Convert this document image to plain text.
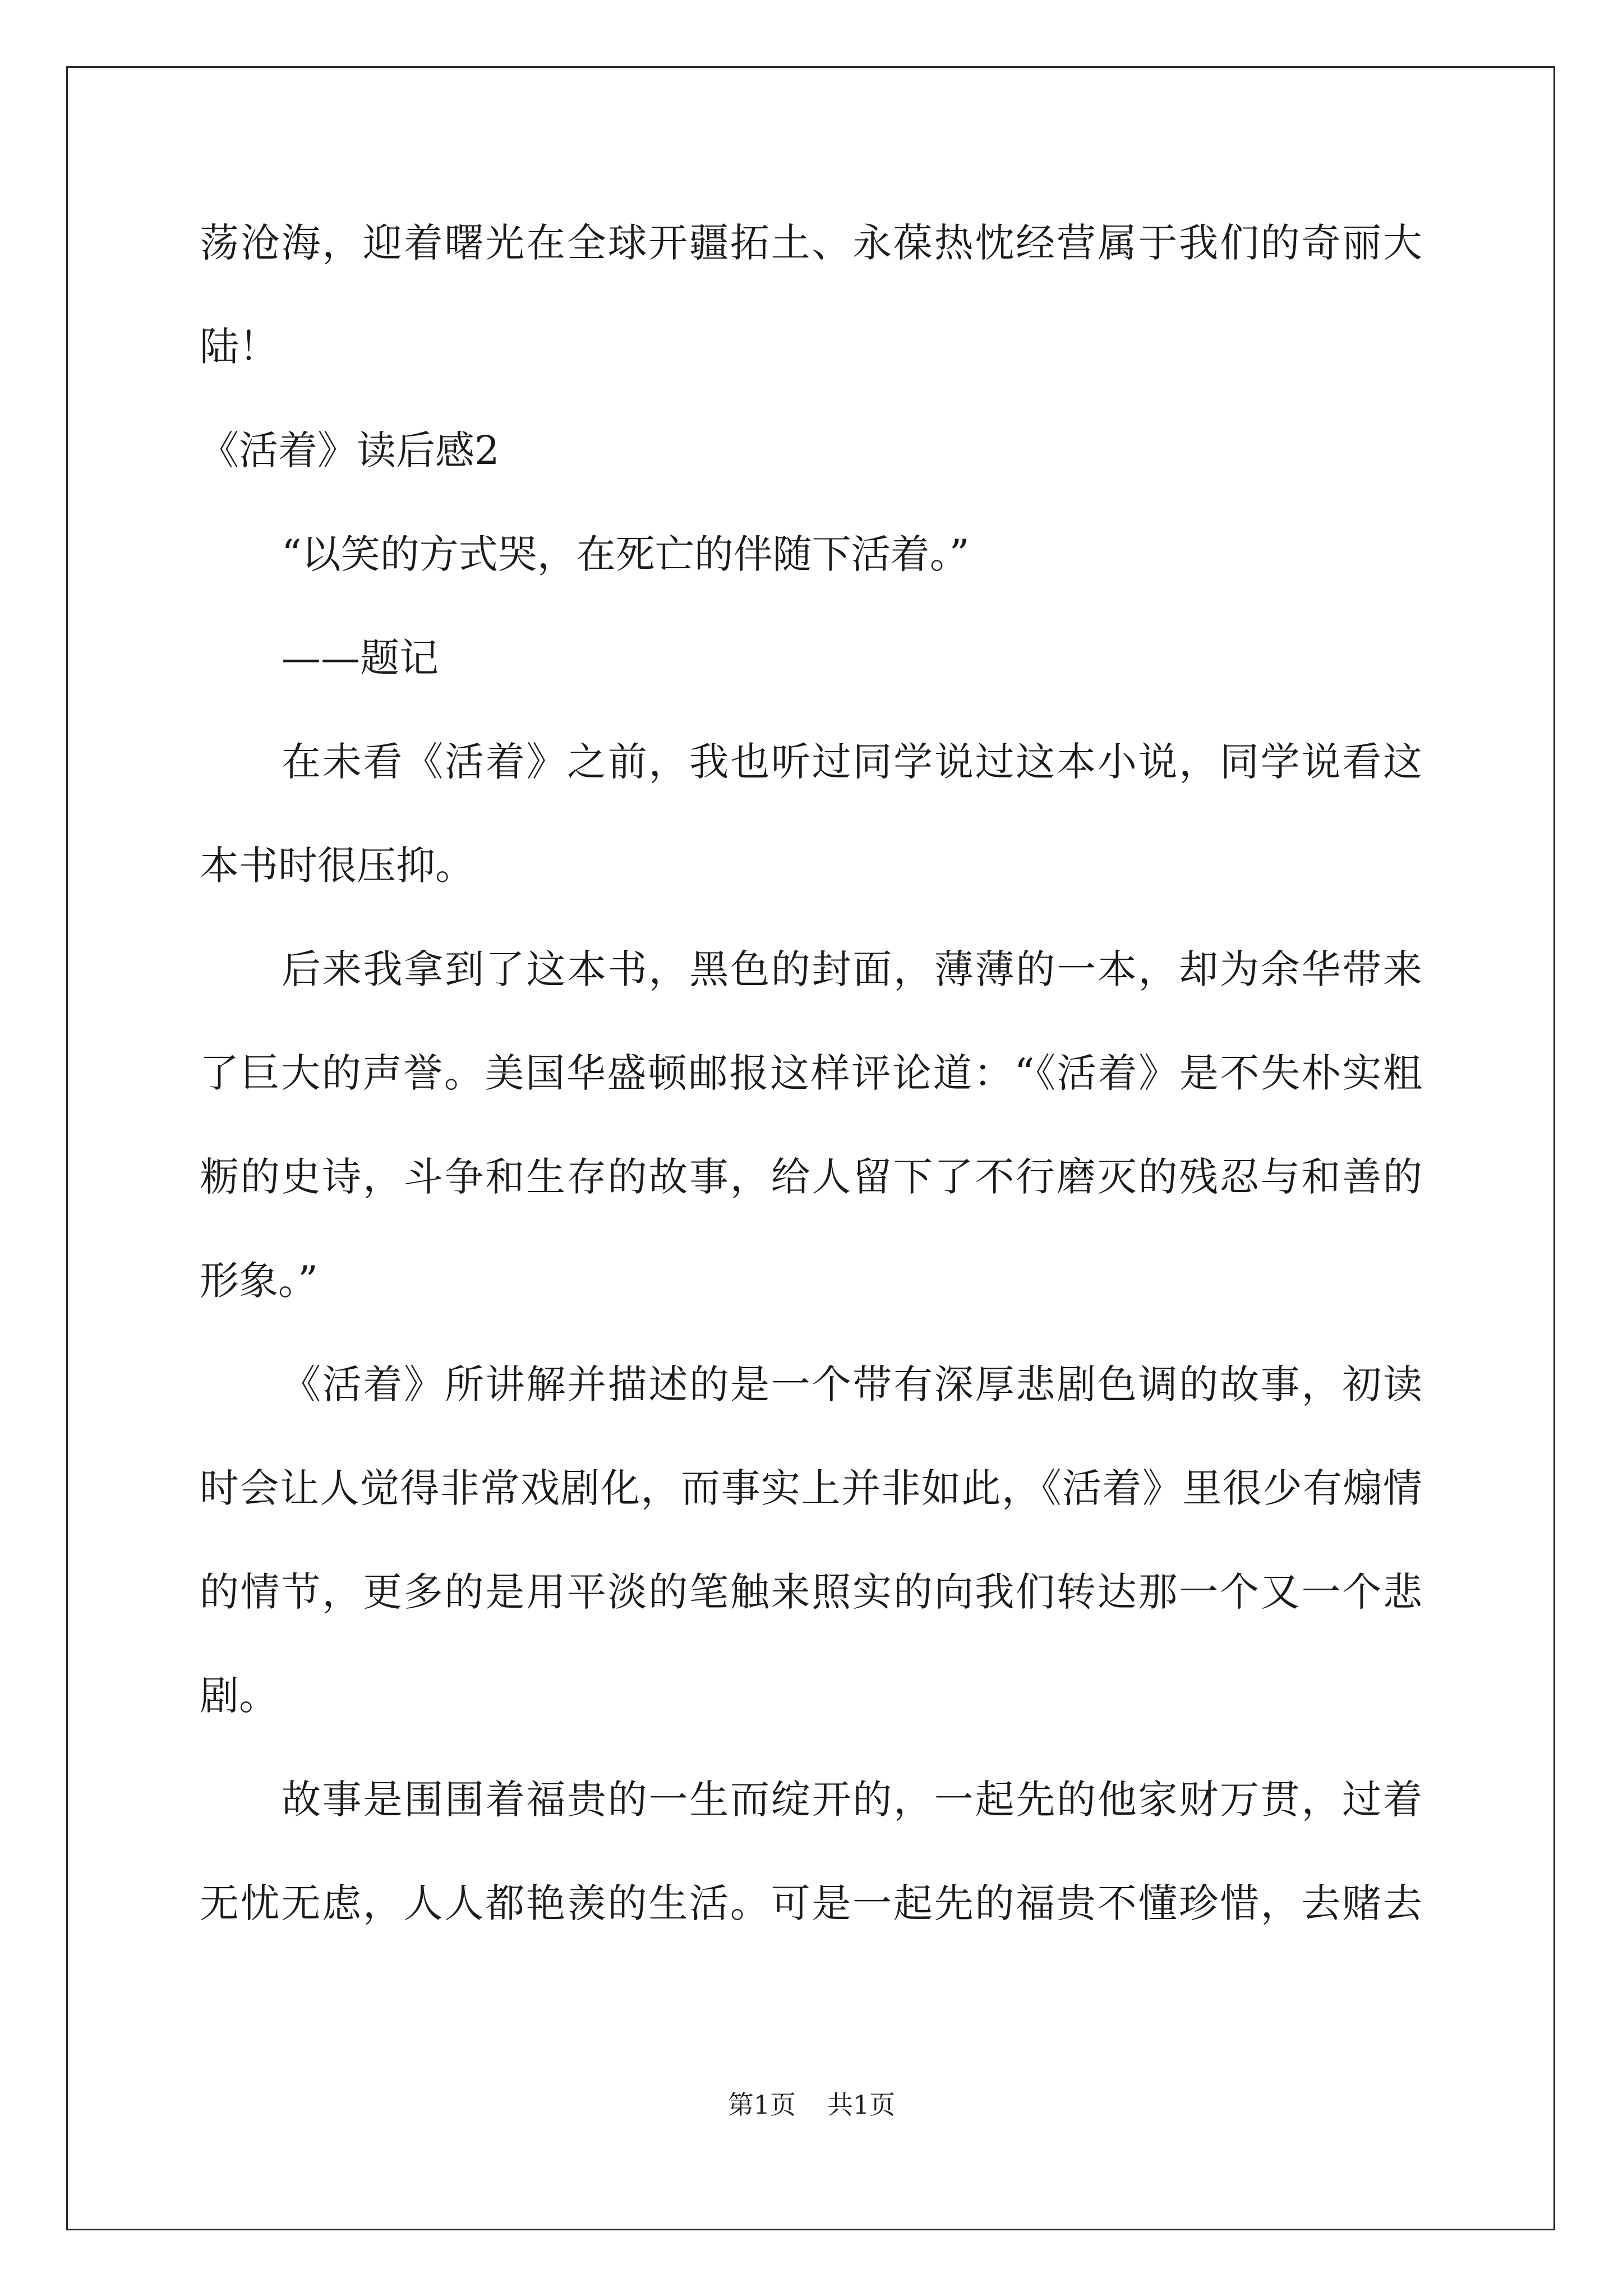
荡沧海，迎着曙光在全球开疆拓土、永葆热忱经营属于我们的奇丽大
陆！
《活着》读后感2
“以笑的方式哭，在死亡的伴随下活着。”
——题记
在未看《活着》之前，我也听过同学说过这本小说，同学说看这
本书时很压抑。
后来我拿到了这本书，黑色的封面，薄薄的一本，却为余华带来
了巨大的声誉。美国华盛顿邮报这样评论道：“《活着》是不失朴实粗
粝的史诗，斗争和生存的故事，给人留下了不行磨灭的残忍与和善的
形象。”
《活着》所讲解并描述的是一个带有深厚悲剧色调的故事，初读
时会让人觉得非常戏剧化，而事实上并非如此，《活着》里很少有煽情
的情节，更多的是用平淡的笔触来照实的向我们转达那一个又一个悲
剧。
故事是围围着福贵的一生而绽开的，一起先的他家财万贯，过着
无忧无虑，人人都艳羡的生活。可是一起先的福贵不懂珍惜，去赌去
第1页 共1页
